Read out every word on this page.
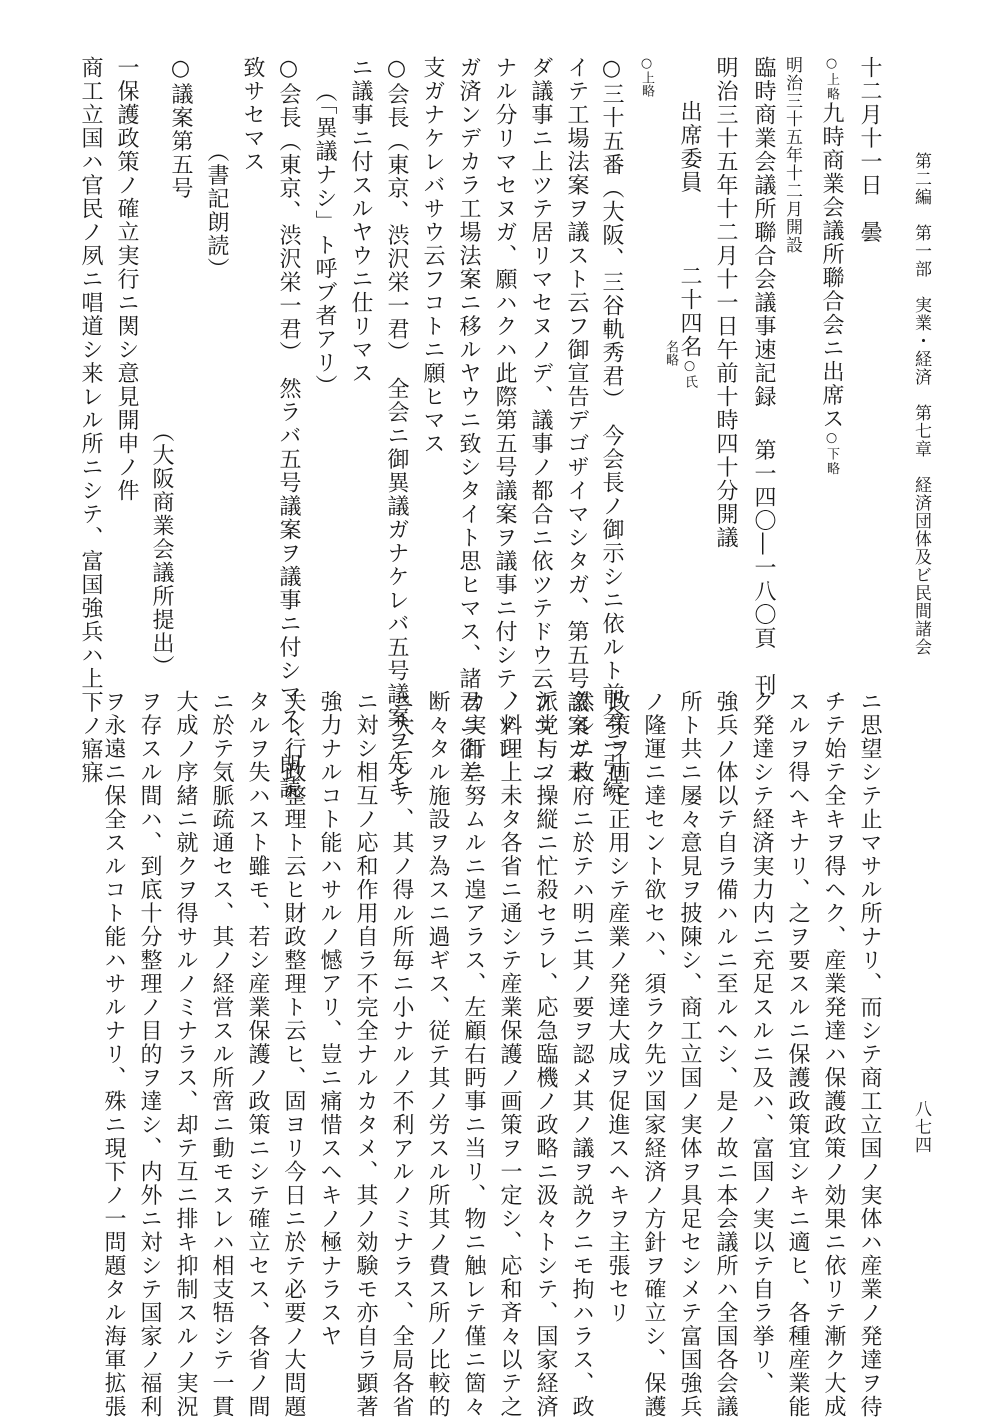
第二編　第一部　実業・経済　第七章　経済団体及ビ民間諸会
八七四
十二月十一日　曇
○上略九時商業会議所聯合会ニ出席ス○下略
明治三十五年十二月開設
臨時商業会議所聯合会議事速記録第一四〇―一八〇頁　刊
明治三十五年十二月十一日午前十時四十分開議
出席委員　　　二十四名○氏
名略
○上略
○三十五番（大阪、三谷軌秀君）　今会長ノ御示シニ依ルト前会ニ引続
イテ工場法案ヲ議スト云フ御宣告デゴザイマシタガ、第五号議案ガ未
ダ議事ニ上ツテ居リマセヌノデ、議事ノ都合ニ依ツテドウ云フコトニ
ナル分リマセヌガ、願ハクハ此際第五号議案ヲ議事ニ付シテ、ソレ
ガ済ンデカラ工場法案ニ移ルヤウニ致シタイト思ヒマス、諸君ニ御差
支ガナケレバサウ云フコトニ願ヒマス
○会長（東京、渋沢栄一君）　全会ニ御異議ガナケレバ五号議案ヲ先キ
ニ議事ニ付スルヤウニ仕リマス
（「異議ナシ」ト呼ブ者アリ）
○会長（東京、渋沢栄一君）　然ラバ五号議案ヲ議事ニ付シマス、朗読
致サセマス
（書記朗読）
○議案第五号
（大阪商業会議所提出）
一保護政策ノ確立実行ニ関シ意見開申ノ件
商工立国ハ官民ノ夙ニ唱道シ来レル所ニシテ、富国強兵ハ上下ノ寤寐
ニ思望シテ止マサル所ナリ、而シテ商工立国ノ実体ハ産業ノ発達ヲ待
チテ始テ全キヲ得ヘク、産業発達ハ保護政策ノ効果ニ依リテ漸ク大成
スルヲ得ヘキナリ、之ヲ要スルニ保護政策宜シキニ適ヒ、各種産業能
ク発達シテ経済実力内ニ充足スルニ及ハ、富国ノ実以テ自ラ挙リ、
強兵ノ体以テ自ラ備ハルニ至ルヘシ、是ノ故ニ本会議所ハ全国各会議
所ト共ニ屡々意見ヲ披陳シ、商工立国ノ実体ヲ具足セシメテ富国強兵
ノ隆運ニ達セント欲セハ、須ラク先ツ国家経済ノ方針ヲ確立シ、保護
政策ヲ画定正用シテ産業ノ発達大成ヲ促進スヘキヲ主張セリ
然ルニ政府ニ於テハ明ニ其ノ要ヲ認メ其ノ議ヲ説クニモ拘ハラス、政
派党与ノ操縦ニ忙殺セラレ、応急臨機ノ政略ニ汲々トシテ、国家経済
ノ料理上未タ各省ニ通シテ産業保護ノ画策ヲ一定シ、応和斉々以テ之
カ実行ニ努ムルニ遑アラス、左顧右眄事ニ当リ、物ニ触レテ僅ニ箇々
断々タル施設ヲ為スニ過ギス、従テ其ノ労スル所其ノ費ス所ノ比較的
ニ大ニシテ、其ノ得ル所毎ニ小ナルノ不利アルノミナラス、全局各省
ニ対シ相互ノ応和作用自ラ不完全ナルカタメ、其ノ効験モ亦自ラ顕著
強力ナルコト能ハサルノ憾アリ、豈ニ痛惜スヘキノ極ナラスヤ
夫レ行政整理ト云ヒ財政整理ト云ヒ、固ヨリ今日ニ於テ必要ノ大問題
タルヲ失ハスト雖モ、若シ産業保護ノ政策ニシテ確立セス、各省ノ間
ニ於テ気脈疏通セス、其ノ経営スル所啻ニ動モスレハ相支牾シテ一貫
大成ノ序緒ニ就クヲ得サルノミナラス、却テ互ニ排キ抑制スルノ実況
ヲ存スル間ハ、到底十分整理ノ目的ヲ達シ、内外ニ対シテ国家ノ福利
ヲ永遠ニ保全スルコト能ハサルナリ、殊ニ現下ノ一問題タル海軍拡張
